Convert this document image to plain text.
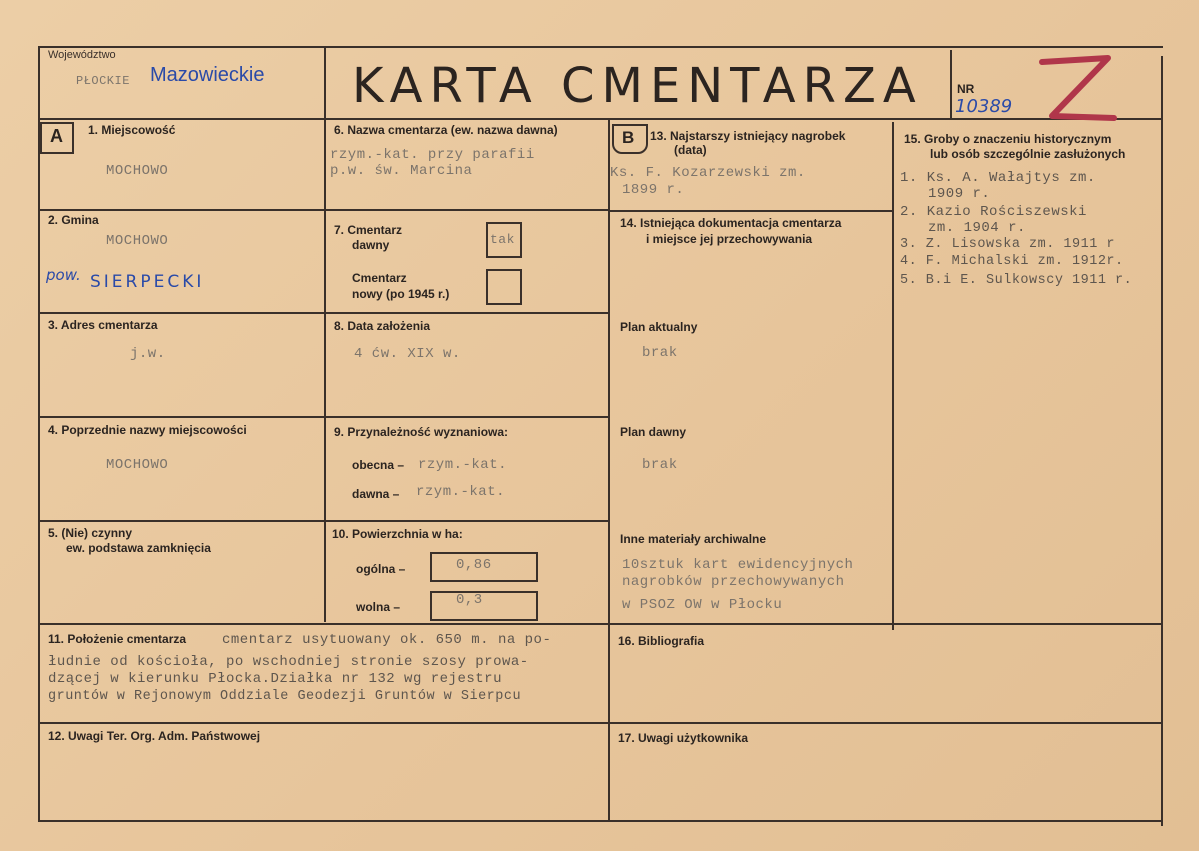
Województwo
PŁOCKIE Mazowieckie KARTA CMENTARZA	NR
10389
A	B
1. Miejscowość
MOCHOWO
2. Gmina
MOCHOWO
pow. SIERPECKI
3. Adres cmentarza
j.w.
4. Poprzednie nazwy miejscowości
MOCHOWO
5. (Nie) czynny
ew. podstawa zamknięcia
6. Nazwa cmentarza (ew. nazwa dawna)
rzym.-kat. przy parafii
p.w. św. Marcina
7. Cmentarz
dawny	tak
Cmentarz
nowy (po 1945 r.)
8. Data założenia
4 ćw. XIX w.
9. Przynależność wyznaniowa:
obecna – rzym.-kat.
dawna – rzym.-kat.
10. Powierzchnia w ha:
ogólna –	0,86
wolna –	0,3
13. Najstarszy istniejący nagrobek
(data)
Ks. F. Kozarzewski zm.
1899 r.
14. Istniejąca dokumentacja cmentarza
i miejsce jej przechowywania
Plan aktualny
brak
Plan dawny
brak
Inne materiały archiwalne
10sztuk kart ewidencyjnych
nagrobków przechowywanych
w PSOZ OW w Płocku
15. Groby o znaczeniu historycznym
lub osób szczególnie zasłużonych
1. Ks. A. Wałajtys zm.
1909 r.
2. Kazio Rościszewski
zm. 1904 r.
3. Z. Lisowska zm. 1911 r
4. F. Michalski zm. 1912r.
5. B.i E. Sulkowscy 1911 r.
11. Położenie cmentarza	cmentarz usytuowany ok. 650 m. na po-
łudnie od kościoła, po wschodniej stronie szosy prowa-
dzącej w kierunku Płocka.Działka nr 132 wg rejestru
gruntów w Rejonowym Oddziale Geodezji Gruntów w Sierpcu
16. Bibliografia
12. Uwagi Ter. Org. Adm. Państwowej	17. Uwagi użytkownika
